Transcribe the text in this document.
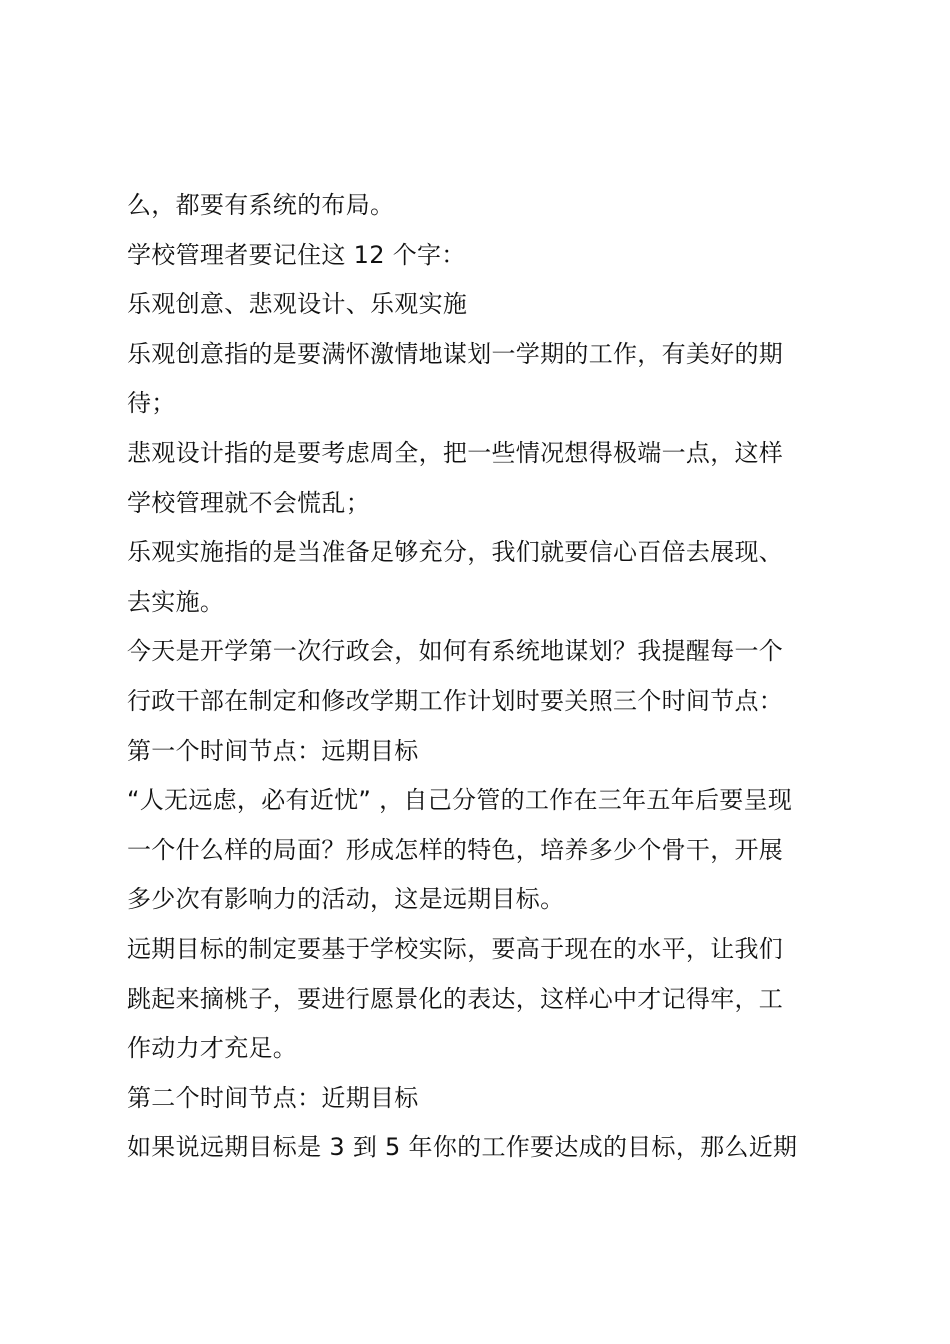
么，都要有系统的布局。
学校管理者要记住这 12 个字：
乐观创意、悲观设计、乐观实施
乐观创意指的是要满怀激情地谋划一学期的工作，有美好的期
待；
悲观设计指的是要考虑周全，把一些情况想得极端一点，这样
学校管理就不会慌乱；
乐观实施指的是当准备足够充分，我们就要信心百倍去展现、
去实施。
今天是开学第一次行政会，如何有系统地谋划？我提醒每一个
行政干部在制定和修改学期工作计划时要关照三个时间节点：
第一个时间节点：远期目标
“人无远虑，必有近忧” ，自己分管的工作在三年五年后要呈现
一个什么样的局面？形成怎样的特色，培养多少个骨干，开展
多少次有影响力的活动，这是远期目标。
远期目标的制定要基于学校实际，要高于现在的水平，让我们
跳起来摘桃子，要进行愿景化的表达，这样心中才记得牢，工
作动力才充足。
第二个时间节点：近期目标
如果说远期目标是 3 到 5 年你的工作要达成的目标，那么近期
